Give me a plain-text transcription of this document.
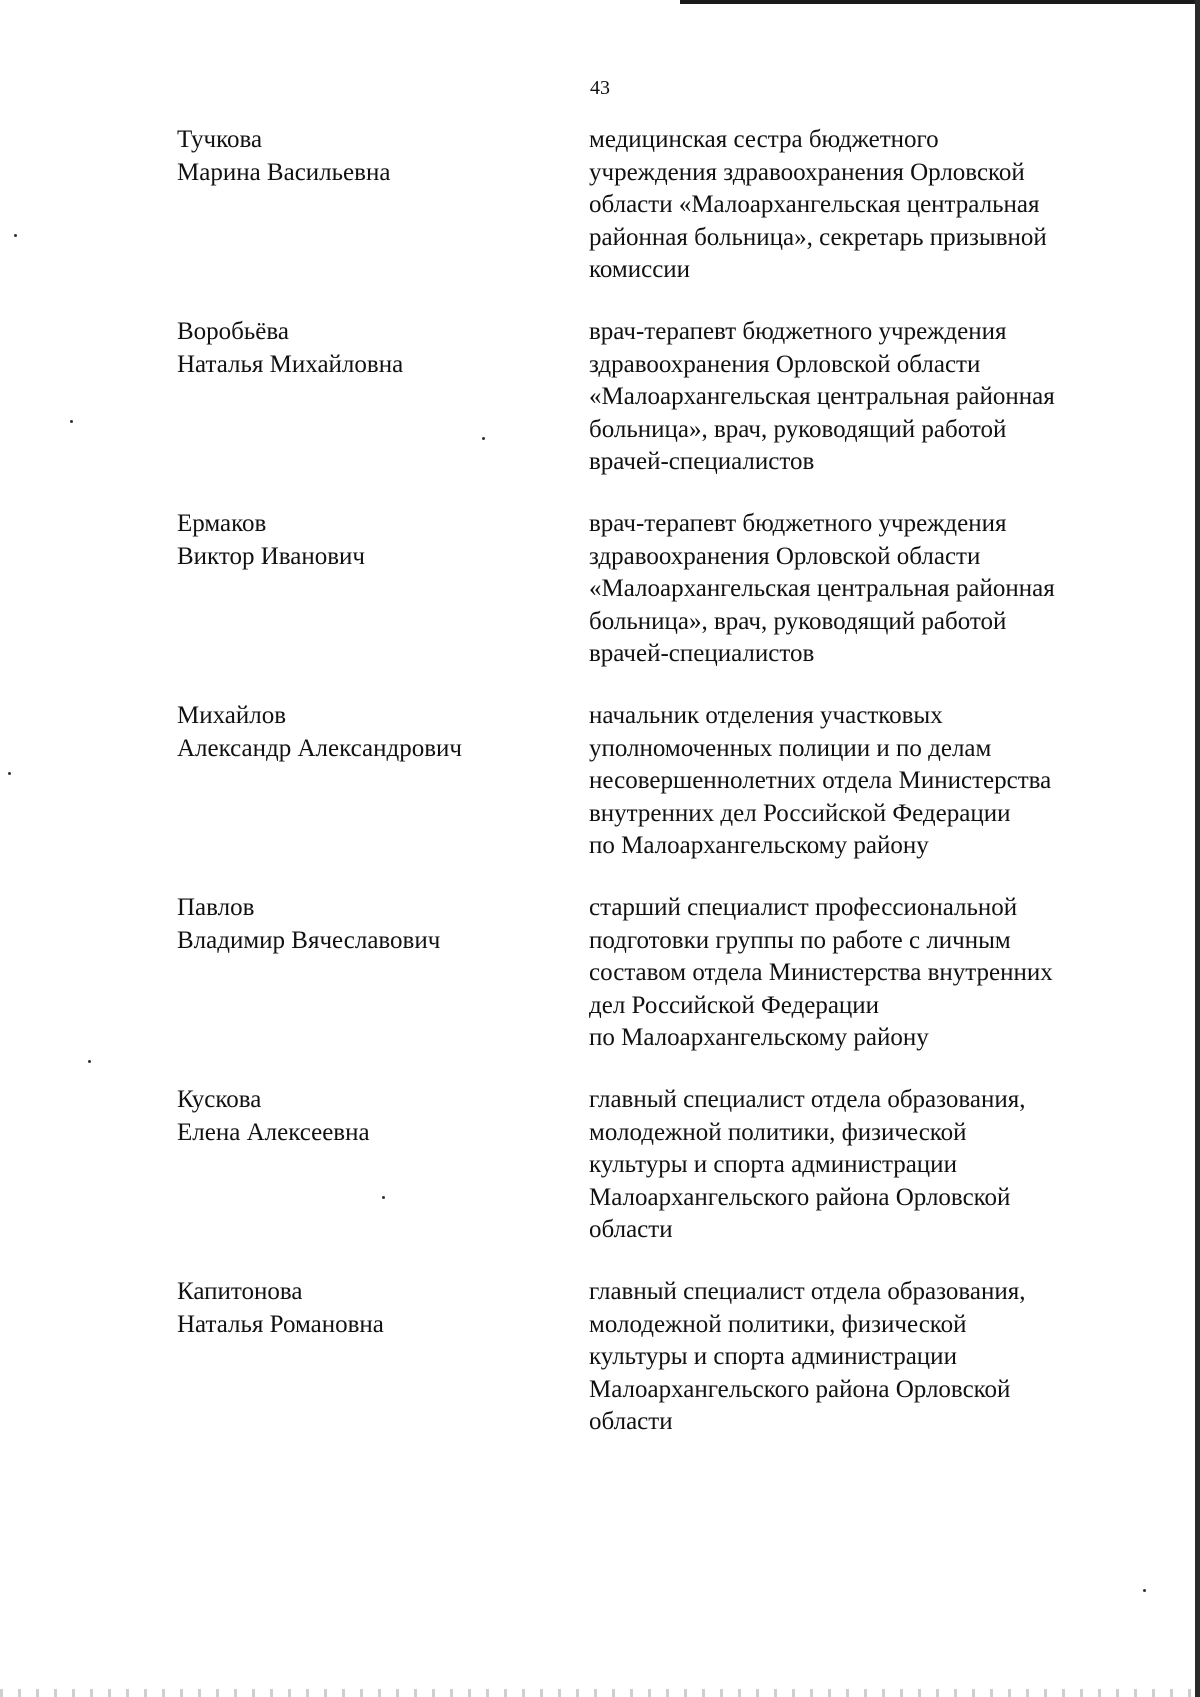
43
Тучкова
Марина Васильевна
медицинская сестра бюджетного
учреждения здравоохранения Орловской
области «Малоархангельская центральная
районная больница», секретарь призывной
комиссии
Воробьёва
Наталья Михайловна
врач-терапевт бюджетного учреждения
здравоохранения Орловской области
«Малоархангельская центральная районная
больница», врач, руководящий работой
врачей-специалистов
Ермаков
Виктор Иванович
врач-терапевт бюджетного учреждения
здравоохранения Орловской области
«Малоархангельская центральная районная
больница», врач, руководящий работой
врачей-специалистов
Михайлов
Александр Александрович
начальник отделения участковых
уполномоченных полиции и по делам
несовершеннолетних отдела Министерства
внутренних дел Российской Федерации
по Малоархангельскому району
Павлов
Владимир Вячеславович
старший специалист профессиональной
подготовки группы по работе с личным
составом отдела Министерства внутренних
дел Российской Федерации
по Малоархангельскому району
Кускова
Елена Алексеевна
главный специалист отдела образования,
молодежной политики, физической
культуры и спорта администрации
Малоархангельского района Орловской
области
Капитонова
Наталья Романовна
главный специалист отдела образования,
молодежной политики, физической
культуры и спорта администрации
Малоархангельского района Орловской
области
